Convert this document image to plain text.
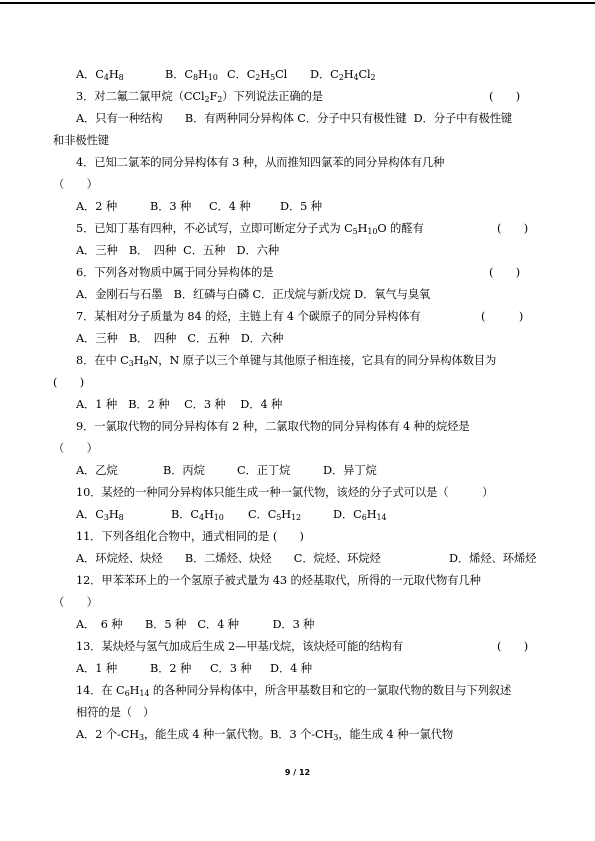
A．$C_4H_8$	B．$C_8H_{10}$ C．$C_2H_5Cl$ D．$C_2H_4Cl_2$
3．对二氟二氯甲烷$(CCl_2F_2)$下列说法正确的是	(　　)
A．只有一种结构　　B．有两种同分异构体 C．分子中只有极性键  D．分子中有极性键
和非极性键
4．已知二氯苯的同分异构体有 3 种，从而推知四氯苯的同分异构体有几种
（　　）
A．2 种	B．3 种 C．4 种	D．5 种
5．已知丁基有四种，不必试写，立即可断定分子式为 $C_5H_{10}O$ 的醛有	(　　)
A．三种　B．　四种  C．五种　D．六种
6．下列各对物质中属于同分异构体的是	(　　)
A．金刚石与石墨　B．红磷与白磷 C．正戊烷与新戊烷 D．氧气与臭氧
7．某相对分子质量为 84 的烃，主链上有 4 个碳原子的同分异构体有	(　　　)
A．三种　B．　四种　C．五种　D．六种
8．在中 $C_3H_9N$，N 原子以三个单键与其他原子相连接，它具有的同分异构体数目为
(　　)
A．1 种　B．2 种　 C．3 种　 D．4 种
9．一氯取代物的同分异构体有 2 种，二氯取代物的同分异构体有 4 种的烷烃是
（　　）
A．乙烷	B．丙烷	C．正丁烷	D．异丁烷
10．某烃的一种同分异构体只能生成一种一氯代物，该烃的分子式可以是（　　　）
A．$C_3H_8$	B．$C_4H_{10}$ C．$C_5H_{12}$	D．$C_6H_{14}$
11．下列各组化合物中，通式相同的是 (　　)
A．环烷烃、炔烃　　B．二烯烃、炔烃　　C．烷烃、环烷烃	D．烯烃、环烯烃
12．甲苯苯环上的一个氢原子被式量为 43 的烃基取代，所得的一元取代物有几种
（　　）
A．　6 种　　B．5 种　C．4 种　　　D．3 种
13．某炔烃与氢气加成后生成 2—甲基戊烷，该炔烃可能的结构有	(　　)
A．1 种	B．2 种 C．3 种 D．4 种
14．在 $C_6H_{14}$ 的各种同分异构体中，所含甲基数目和它的一氯取代物的数目与下列叙述
相符的是（　）
A．2 个$-CH_3$，能生成 4 种一氯代物。B．3 个$-CH_3$，能生成 4 种一氯代物
9 / 12
